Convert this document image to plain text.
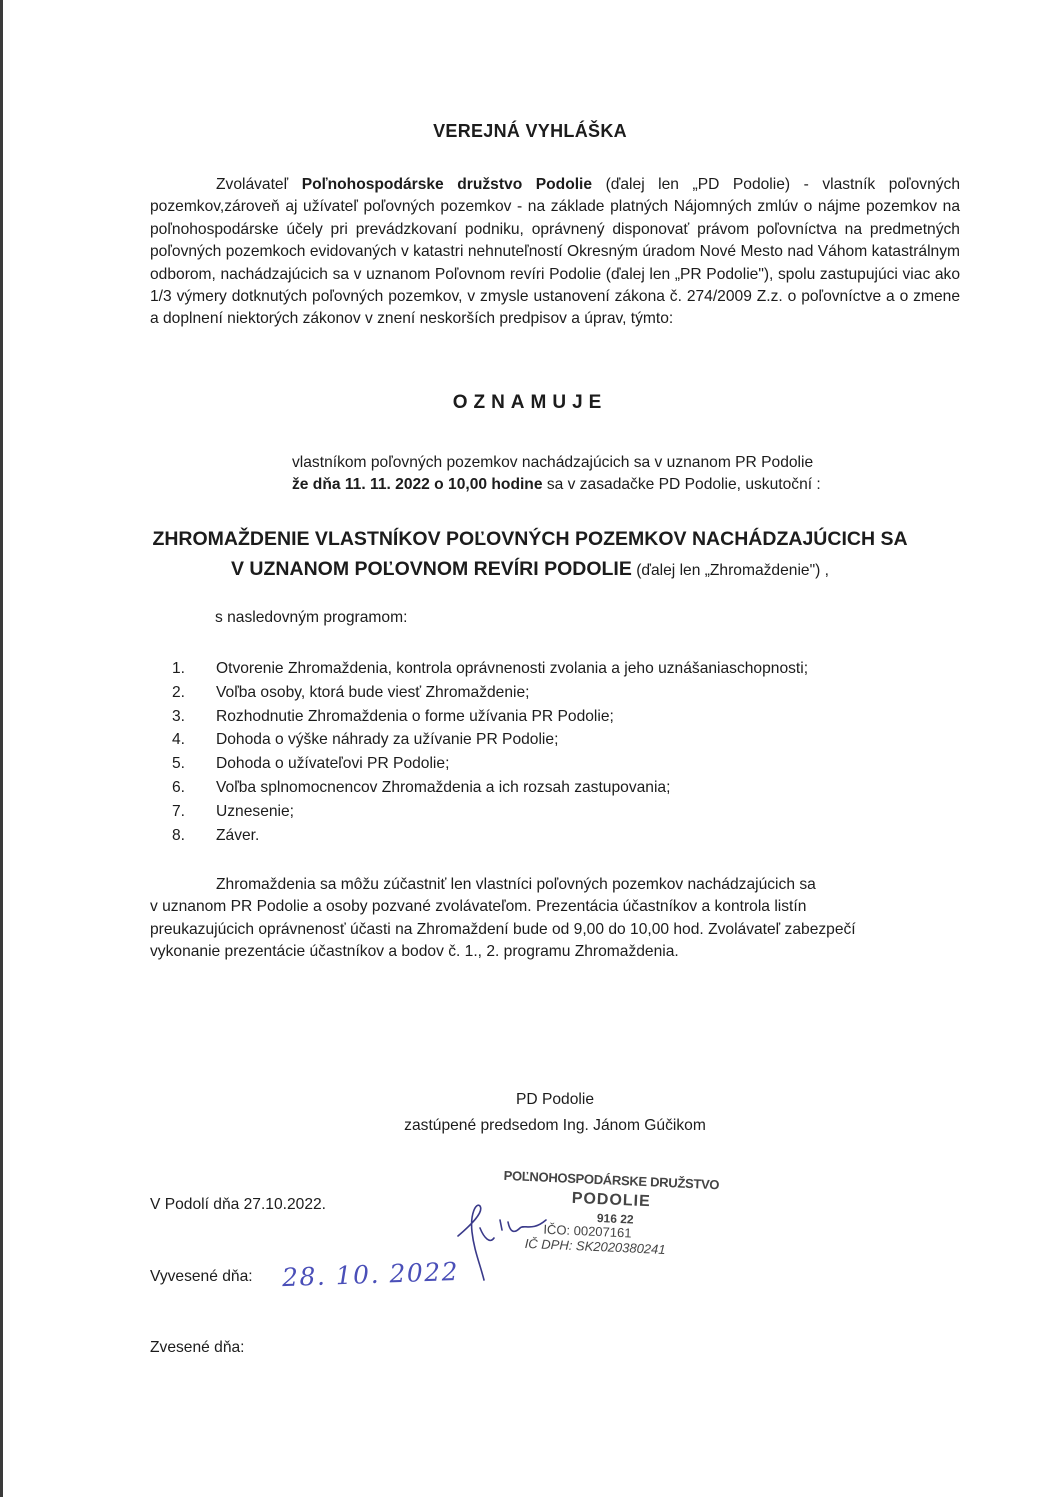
VEREJNÁ VYHLÁŠKA

Zvolávateľ Poľnohospodárske družstvo Podolie (ďalej len „PD Podolie) - vlastník poľovných pozemkov,zároveň aj užívateľ poľovných pozemkov - na základe platných Nájomných zmlúv o nájme pozemkov na poľnohospodárske účely pri prevádzkovaní podniku, oprávnený disponovať právom poľovníctva na predmetných poľovných pozemkoch evidovaných v katastri nehnuteľností Okresným úradom Nové Mesto nad Váhom katastrálnym odborom, nachádzajúcich sa v uznanom Poľovnom revíri Podolie (ďalej len „PR Podolie"), spolu zastupujúci viac ako 1/3 výmery dotknutých poľovných pozemkov, v zmysle ustanovení zákona č. 274/2009 Z.z. o poľovníctve a o zmene a doplnení niektorých zákonov v znení neskorších predpisov a úprav, týmto:

OZNAMUJE
vlastníkom poľovných pozemkov nachádzajúcich sa v uznanom PR Podolie
že dňa 11. 11. 2022 o 10,00 hodine sa v zasadačke PD Podolie, uskutoční :
ZHROMAŽDENIE VLASTNÍKOV POĽOVNÝCH POZEMKOV NACHÁDZAJÚCICH SA
V UZNANOM POĽOVNOM REVÍRI PODOLIE (ďalej len „Zhromaždenie") ,
s nasledovným programom:
1.	Otvorenie Zhromaždenia, kontrola oprávnenosti zvolania a jeho uznášaniaschopnosti;
2.	Voľba osoby, ktorá bude viesť Zhromaždenie;
3.	Rozhodnutie Zhromaždenia o forme užívania PR Podolie;
4.	Dohoda o výške náhrady za užívanie PR Podolie;
5.	Dohoda o užívateľovi PR Podolie;
6.	Voľba splnomocnencov Zhromaždenia a ich rozsah zastupovania;
7.	Uznesenie;
8.	Záver.
Zhromaždenia sa môžu zúčastniť len vlastníci poľovných pozemkov nachádzajúcich sa
v uznanom PR Podolie a osoby pozvané zvolávateľom. Prezentácia účastníkov a kontrola listín
preukazujúcich oprávnenosť účasti na Zhromaždení bude od 9,00 do 10,00 hod. Zvolávateľ zabezpečí
vykonanie prezentácie účastníkov a bodov č. 1., 2. programu Zhromaždenia.
PD Podolie
zastúpené predsedom Ing. Jánom Gúčikom
V Podolí dňa 27.10.2022.
Vyvesené dňa: 28. 10. 2022
Zvesené dňa:
POĽNOHOSPODÁRSKE DRUŽSTVO
PODOLIE
916 22
IČO: 00207161
IČ DPH: SK2020380241
